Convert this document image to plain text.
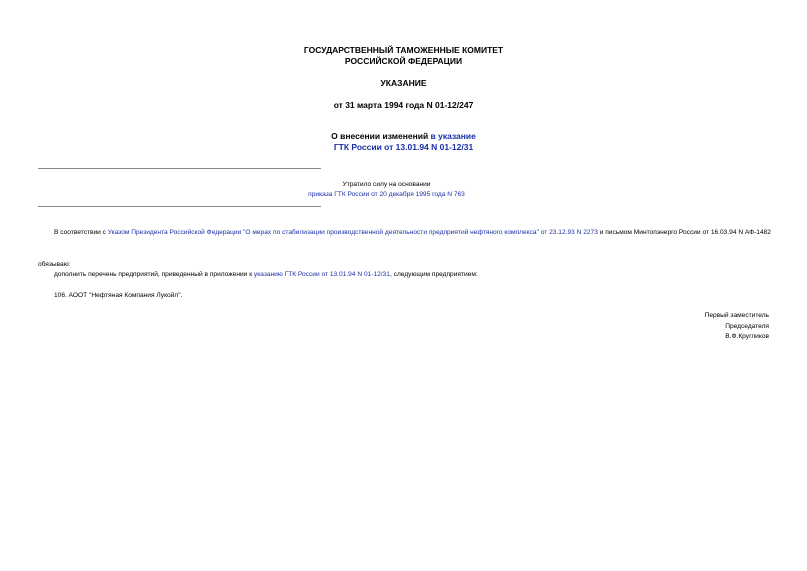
ГОСУДАРСТВЕННЫЙ ТАМОЖЕННЫЕ КОМИТЕТ
РОССИЙСКОЙ ФЕДЕРАЦИИ
УКАЗАНИЕ
от 31 марта 1994 года N 01-12/247
О внесении изменений в указание
ГТК России от 13.01.94 N 01-12/31
Утратило силу на основании
приказа ГТК России от 20 декабря 1995 года N 763
В соответствии с Указом Президента Российской Федерации "О мерах по стабилизации производственной деятельности предприятий нефтяного комплекса" от 23.12.93 N 2273 и письмом Минтопэнерго России от 16.03.94 N АФ-1482
обязываю:
дополнить перечень предприятий, приведенный в приложении к указанию ГТК России от 13.01.94 N 01-12/31, следующим предприятием:
106. АООТ "Нефтяная Компания Лукойл".
Первый заместитель
Председателя
В.Ф.Кругликов
